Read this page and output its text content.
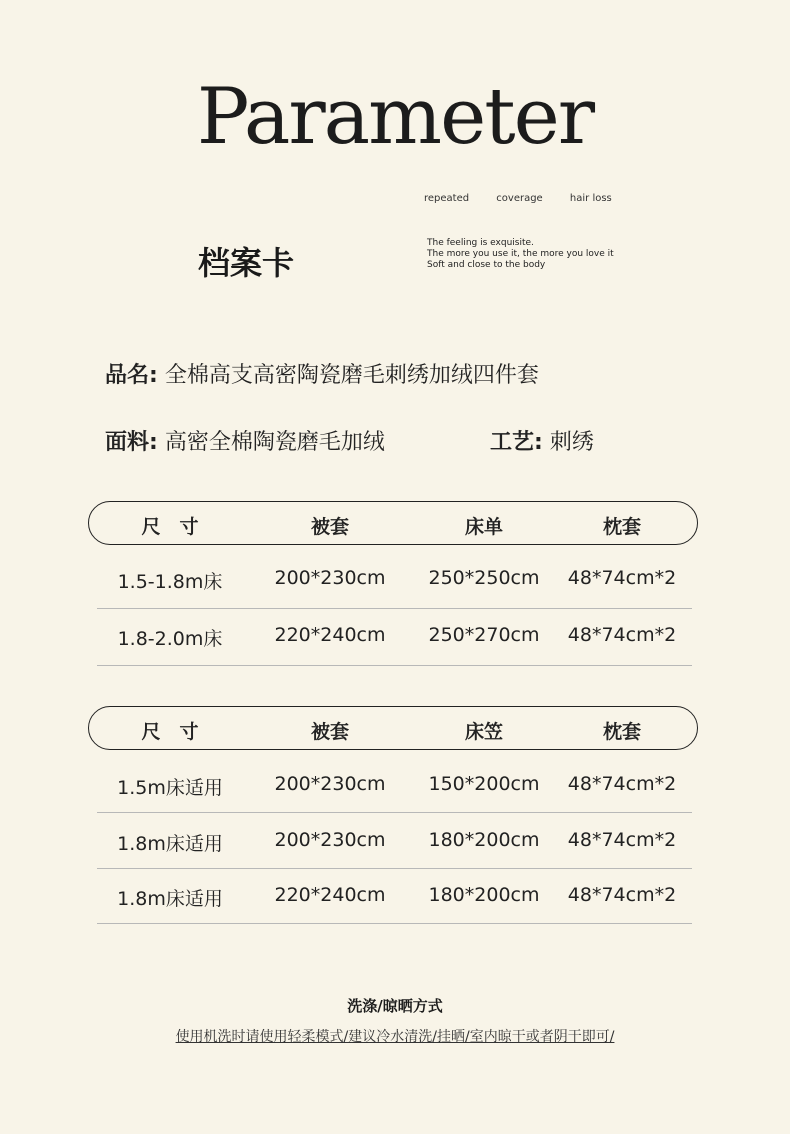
Parameter
repeated	coverage	hair loss
档案卡
The feeling is exquisite.
The more you use it, the more you love it
Soft and close to the body
品名: 全棉高支高密陶瓷磨毛刺绣加绒四件套
面料: 高密全棉陶瓷磨毛加绒	工艺: 刺绣
尺　寸	被套	床单	枕套
1.5-1.8m床	200*230cm 250*250cm 48*74cm*2
1.8-2.0m床	220*240cm 250*270cm 48*74cm*2
尺　寸	被套	床笠	枕套
1.5m床适用	200*230cm 150*200cm 48*74cm*2
1.8m床适用	200*230cm 180*200cm 48*74cm*2
1.8m床适用	220*240cm 180*200cm 48*74cm*2
洗涤/晾晒方式
使用机洗时请使用轻柔模式/建议冷水清洗/挂晒/室内晾干或者阴干即可/
